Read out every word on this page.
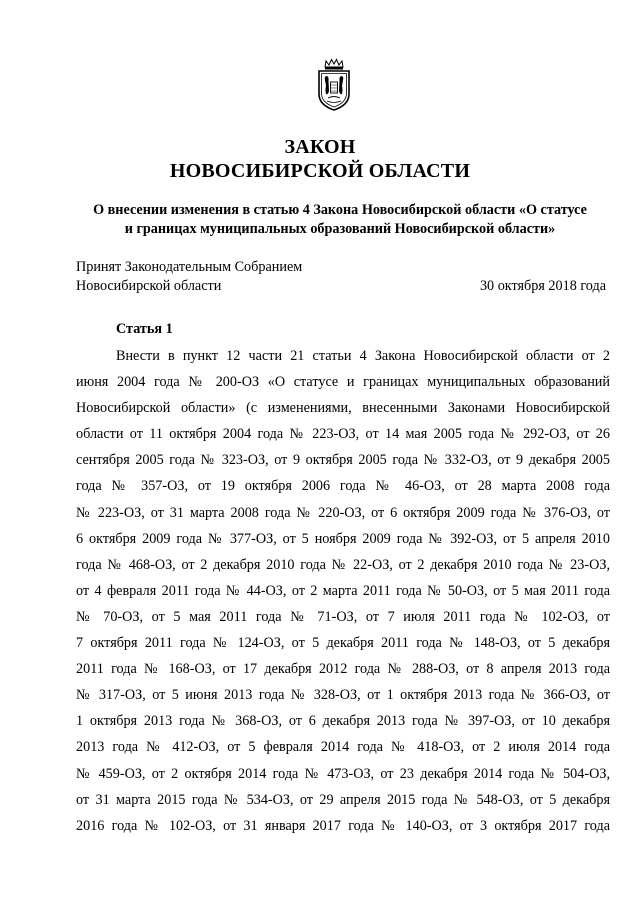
ЗАКОН
НОВОСИБИРСКОЙ ОБЛАСТИ
О внесении изменения в статью 4 Закона Новосибирской области «О статусе
и границах муниципальных образований Новосибирской области»
Принят Законодательным Собранием
Новосибирской области	30 октября 2018 года
Статья 1
Внести в пункт 12 части 21 статьи 4 Закона Новосибирской области от 2
июня 2004 года № 200-ОЗ «О статусе и границах муниципальных образований
Новосибирской области» (с изменениями, внесенными Законами Новосибирской
области от 11 октября 2004 года № 223-ОЗ, от 14 мая 2005 года № 292-ОЗ, от 26
сентября 2005 года № 323-ОЗ, от 9 октября 2005 года № 332-ОЗ, от 9 декабря 2005
года № 357-ОЗ, от 19 октября 2006 года № 46-ОЗ, от 28 марта 2008 года
№ 223-ОЗ, от 31 марта 2008 года № 220-ОЗ, от 6 октября 2009 года № 376-ОЗ, от
6 октября 2009 года № 377-ОЗ, от 5 ноября 2009 года № 392-ОЗ, от 5 апреля 2010
года № 468-ОЗ, от 2 декабря 2010 года № 22-ОЗ, от 2 декабря 2010 года № 23-ОЗ,
от 4 февраля 2011 года № 44-ОЗ, от 2 марта 2011 года № 50-ОЗ, от 5 мая 2011 года
№ 70-ОЗ, от 5 мая 2011 года № 71-ОЗ, от 7 июля 2011 года № 102-ОЗ, от
7 октября 2011 года № 124-ОЗ, от 5 декабря 2011 года № 148-ОЗ, от 5 декабря
2011 года № 168-ОЗ, от 17 декабря 2012 года № 288-ОЗ, от 8 апреля 2013 года
№ 317-ОЗ, от 5 июня 2013 года № 328-ОЗ, от 1 октября 2013 года № 366-ОЗ, от
1 октября 2013 года № 368-ОЗ, от 6 декабря 2013 года № 397-ОЗ, от 10 декабря
2013 года № 412-ОЗ, от 5 февраля 2014 года № 418-ОЗ, от 2 июля 2014 года
№ 459-ОЗ, от 2 октября 2014 года № 473-ОЗ, от 23 декабря 2014 года № 504-ОЗ,
от 31 марта 2015 года № 534-ОЗ, от 29 апреля 2015 года № 548-ОЗ, от 5 декабря
2016 года № 102-ОЗ, от 31 января 2017 года № 140-ОЗ, от 3 октября 2017 года
